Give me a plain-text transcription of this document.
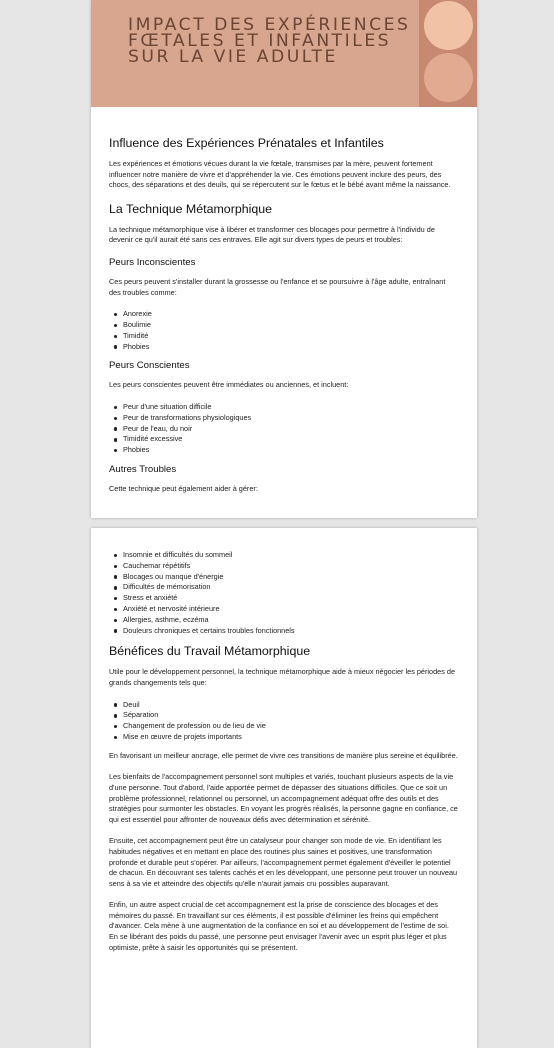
IMPACT DES EXPÉRIENCES FŒTALES ET INFANTILES SUR LA VIE ADULTE
Influence des Expériences Prénatales et Infantiles

Les expériences et émotions vécues durant la vie fœtale, transmises par la mère, peuvent fortement influencer notre manière de vivre et d'appréhender la vie. Ces émotions peuvent inclure des peurs, des chocs, des séparations et des deuils, qui se répercutent sur le fœtus et le bébé avant même la naissance.

La Technique Métamorphique

La technique métamorphique vise à libérer et transformer ces blocages pour permettre à l'individu de devenir ce qu'il aurait été sans ces entraves. Elle agit sur divers types de peurs et troubles:

Peurs Inconscientes

Ces peurs peuvent s'installer durant la grossesse ou l'enfance et se poursuivre à l'âge adulte, entraînant des troubles comme:

Anorexie
Boulimie
Timidité
Phobies
Peurs Conscientes

Les peurs conscientes peuvent être immédiates ou anciennes, et incluent:

Peur d'une situation difficile
Peur de transformations physiologiques
Peur de l'eau, du noir
Timidité excessive
Phobies
Autres Troubles

Cette technique peut également aider à gérer:

Insomnie et difficultés du sommeil
Cauchemar répétitifs
Blocages ou manque d'énergie
Difficultés de mémorisation
Stress et anxiété
Anxiété et nervosité intérieure
Allergies, asthme, eczéma
Douleurs chroniques et certains troubles fonctionnels
Bénéfices du Travail Métamorphique

Utile pour le développement personnel, la technique métamorphique aide à mieux négocier les périodes de grands changements tels que:

Deuil
Séparation
Changement de profession ou de lieu de vie
Mise en œuvre de projets importants

En favorisant un meilleur ancrage, elle permet de vivre ces transitions de manière plus sereine et équilibrée.

Les bienfaits de l'accompagnement personnel sont multiples et variés, touchant plusieurs aspects de la vie d'une personne. Tout d'abord, l'aide apportée permet de dépasser des situations difficiles. Que ce soit un problème professionnel, relationnel ou personnel, un accompagnement adéquat offre des outils et des stratégies pour surmonter les obstacles. En voyant les progrès réalisés, la personne gagne en confiance, ce qui est essentiel pour affronter de nouveaux défis avec détermination et sérénité.

Ensuite, cet accompagnement peut être un catalyseur pour changer son mode de vie. En identifiant les habitudes négatives et en mettant en place des routines plus saines et positives, une transformation profonde et durable peut s'opérer. Par ailleurs, l'accompagnement permet également d'éveiller le potentiel de chacun. En découvrant ses talents cachés et en les développant, une personne peut trouver un nouveau sens à sa vie et atteindre des objectifs qu'elle n'aurait jamais cru possibles auparavant.

Enfin, un autre aspect crucial de cet accompagnement est la prise de conscience des blocages et des mémoires du passé. En travaillant sur ces éléments, il est possible d'éliminer les freins qui empêchent d'avancer. Cela mène à une augmentation de la confiance en soi et au développement de l'estime de soi. En se libérant des poids du passé, une personne peut envisager l'avenir avec un esprit plus léger et plus optimiste, prête à saisir les opportunités qui se présentent.
